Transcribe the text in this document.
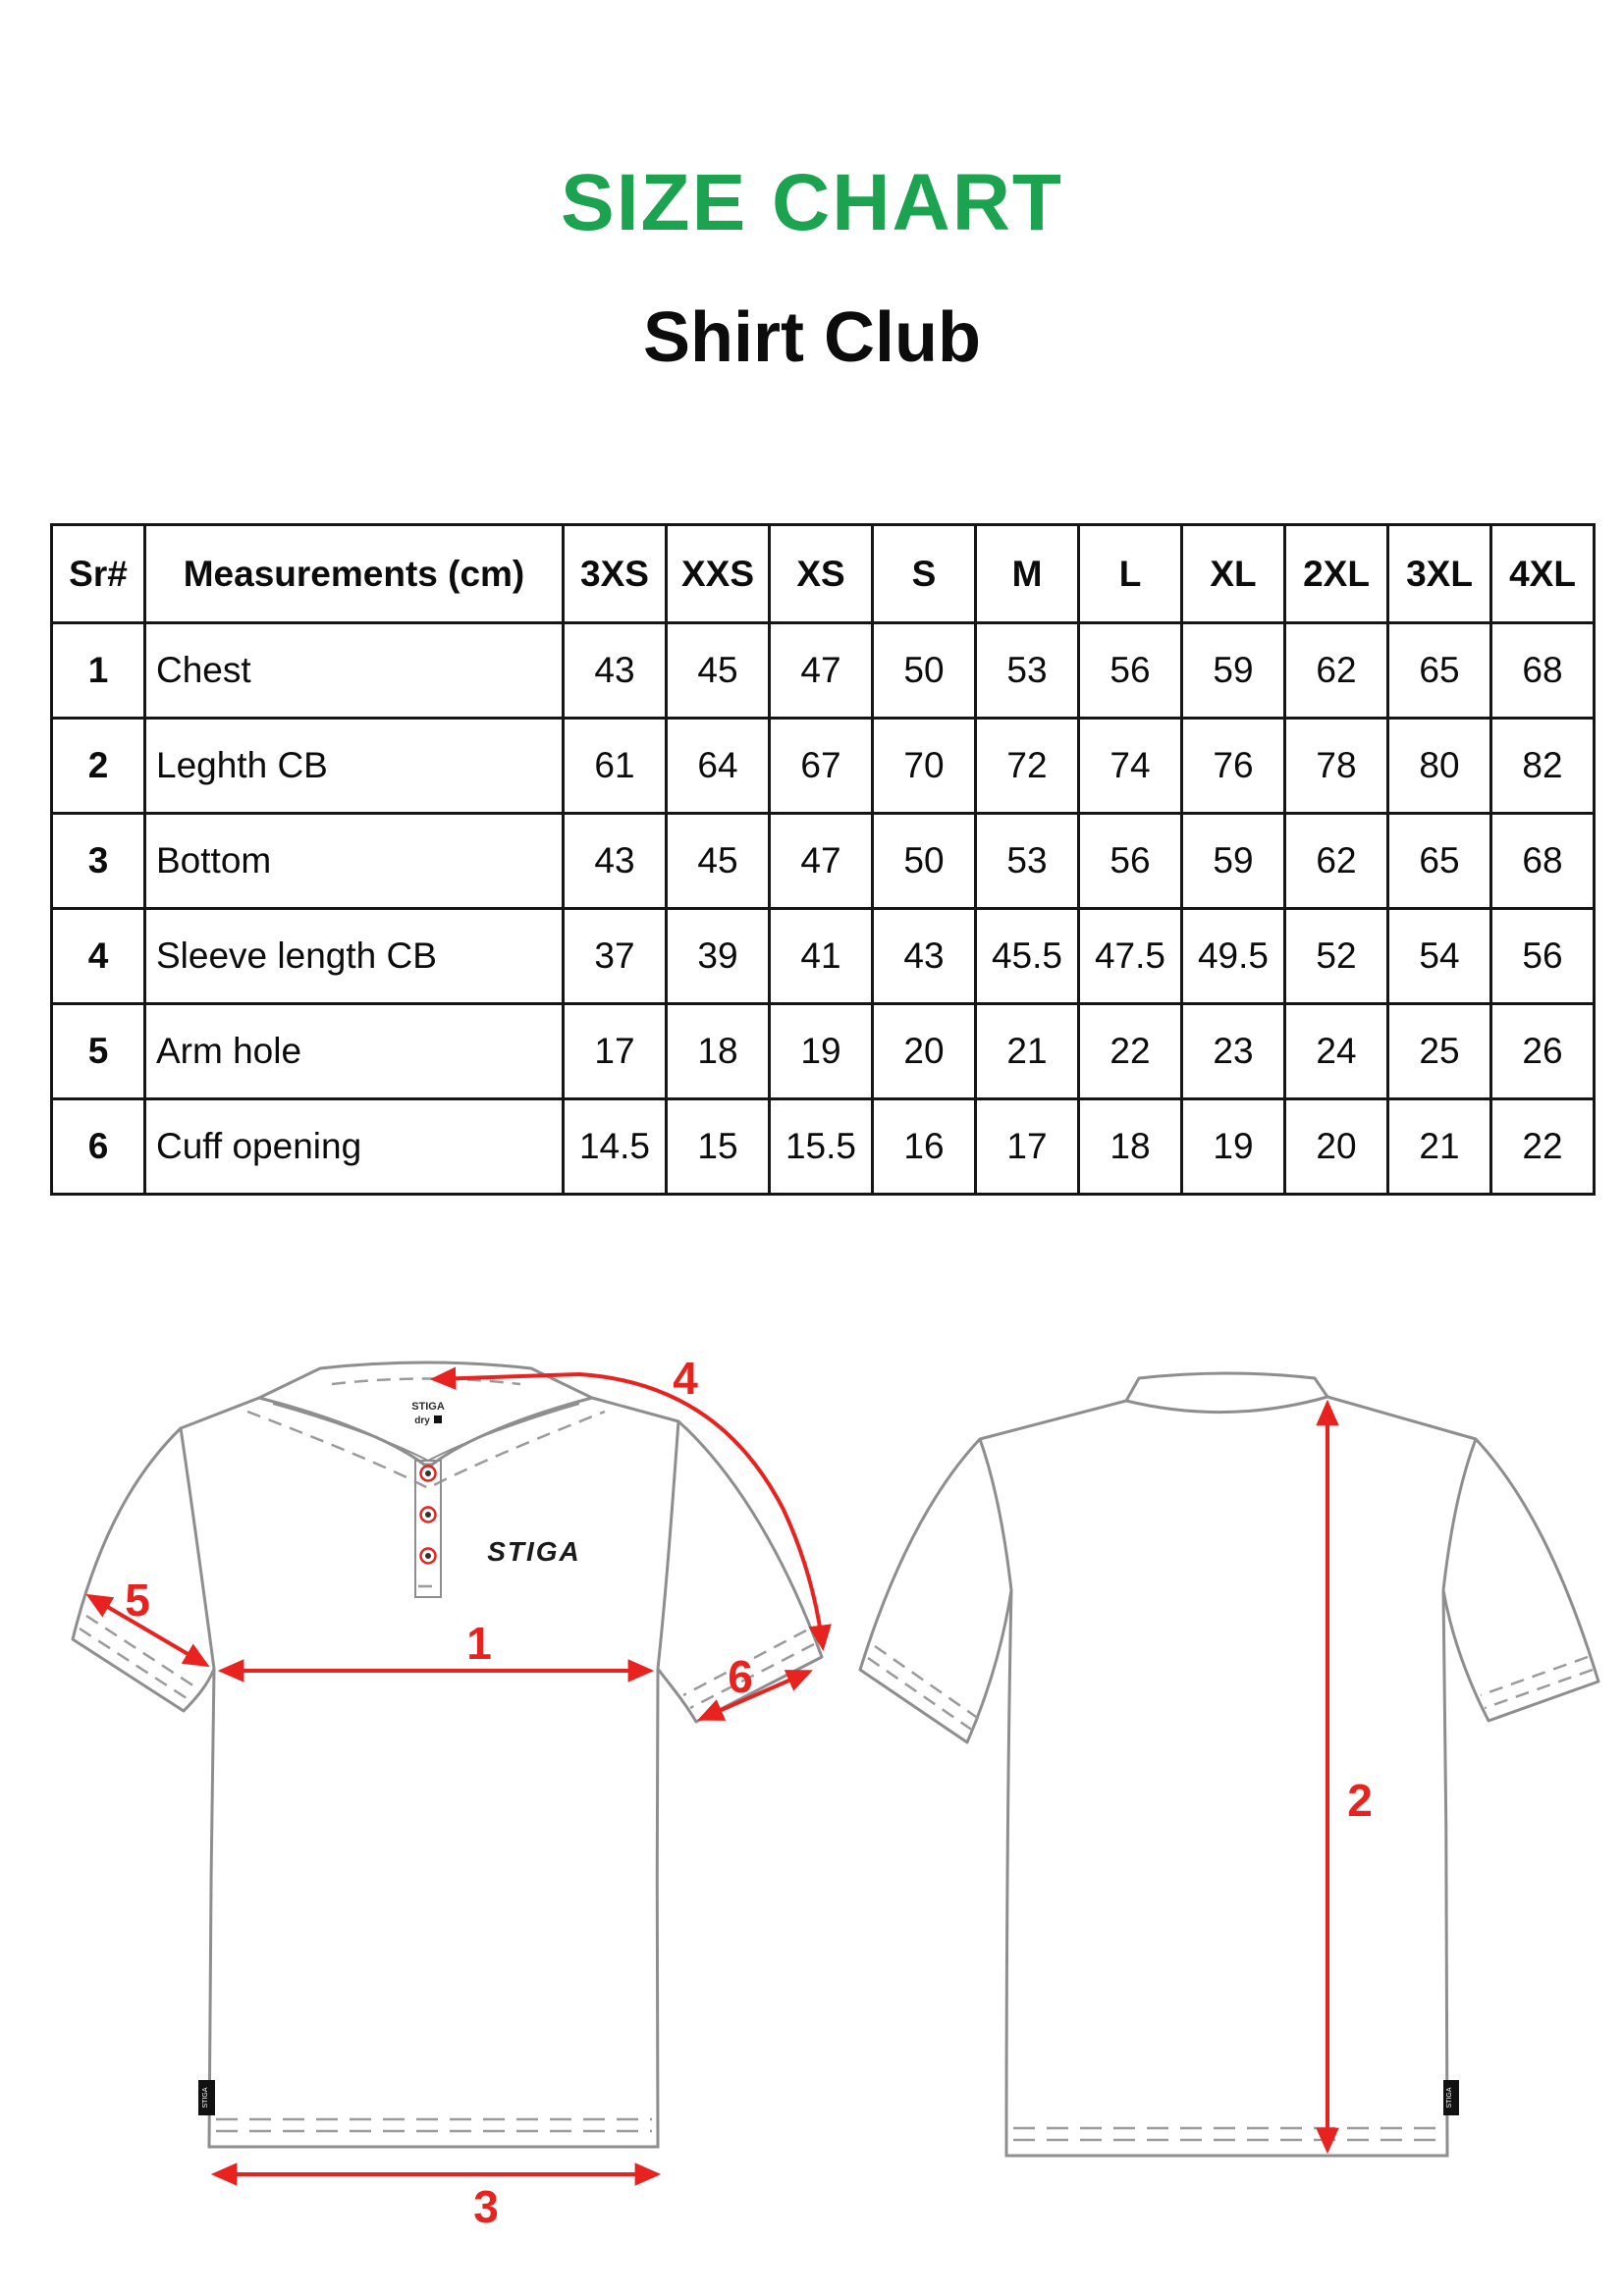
SIZE CHART
Shirt Club
Sr#	Measurements (cm)	3XS	XXS	XS	S	M	L	XL	2XL	3XL	4XL
1	Chest	43	45	47	50	53	56	59	62	65	68
2	Leghth CB	61	64	67	70	72	74	76	78	80	82
3	Bottom	43	45	47	50	53	56	59	62	65	68
4	Sleeve length CB	37	39	41	43	45.5	47.5	49.5	52	54	56
5	Arm hole	17	18	19	20	21	22	23	24	25	26
6	Cuff opening	14.5	15	15.5	16	17	18	19	20	21	22
STIGA
dry
STIGA
STIGA
1
3
5
6
4
STIGA
2
